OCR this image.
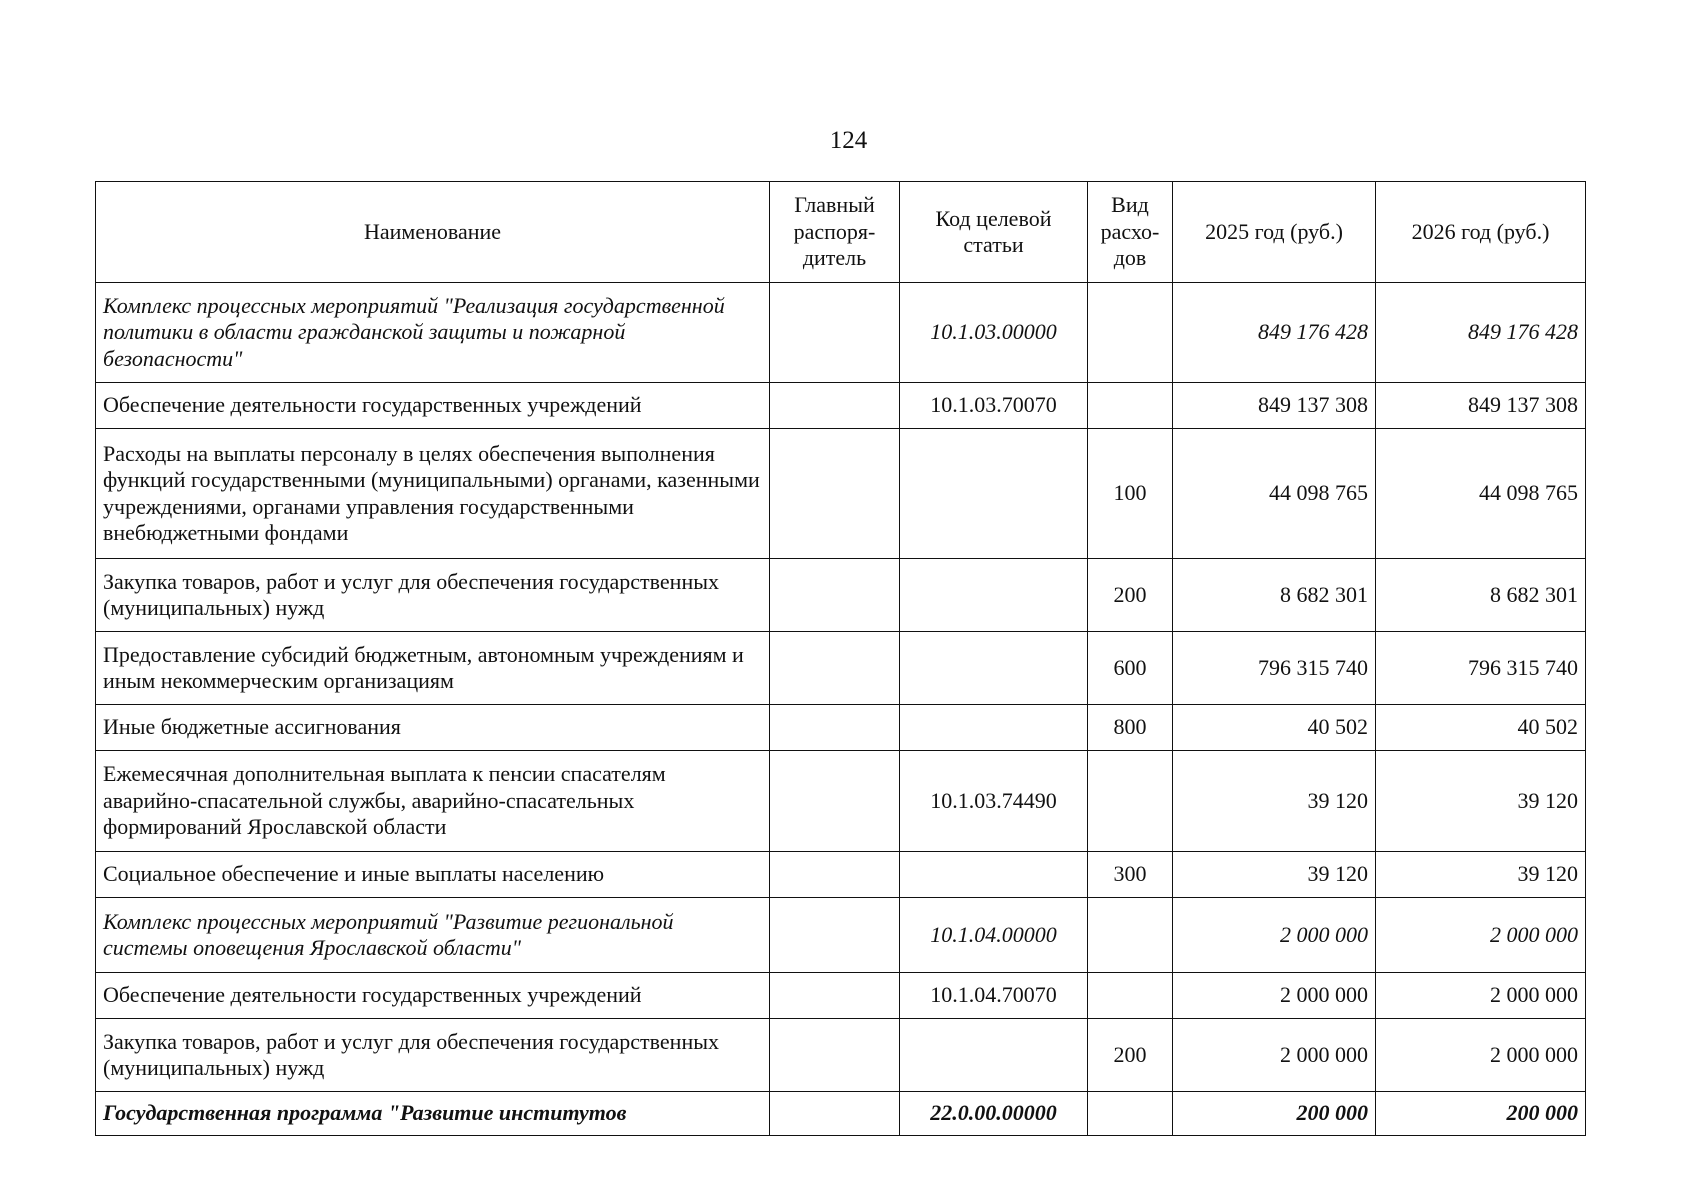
124
Наименование	Главный распоря-дитель	Код целевой статьи	Вид расхо-дов	2025 год (руб.)	2026 год (руб.)
Комплекс процессных мероприятий "Реализация государственной политики в области гражданской защиты и пожарной безопасности"		10.1.03.00000		849 176 428	849 176 428
Обеспечение деятельности государственных учреждений		10.1.03.70070		849 137 308	849 137 308
Расходы на выплаты персоналу в целях обеспечения выполнения функций государственными (муниципальными) органами, казенными учреждениями, органами управления государственными внебюджетными фондами			100	44 098 765	44 098 765
Закупка товаров, работ и услуг для обеспечения государственных (муниципальных) нужд			200	8 682 301	8 682 301
Предоставление субсидий бюджетным, автономным учреждениям и иным некоммерческим организациям			600	796 315 740	796 315 740
Иные бюджетные ассигнования			800	40 502	40 502
Ежемесячная дополнительная выплата к пенсии спасателям аварийно-спасательной службы, аварийно-спасательных формирований Ярославской области		10.1.03.74490		39 120	39 120
Социальное обеспечение и иные выплаты населению			300	39 120	39 120
Комплекс процессных мероприятий "Развитие региональной системы оповещения Ярославской области"		10.1.04.00000		2 000 000	2 000 000
Обеспечение деятельности государственных учреждений		10.1.04.70070		2 000 000	2 000 000
Закупка товаров, работ и услуг для обеспечения государственных (муниципальных) нужд			200	2 000 000	2 000 000
Государственная программа "Развитие институтов		22.0.00.00000		200 000	200 000
